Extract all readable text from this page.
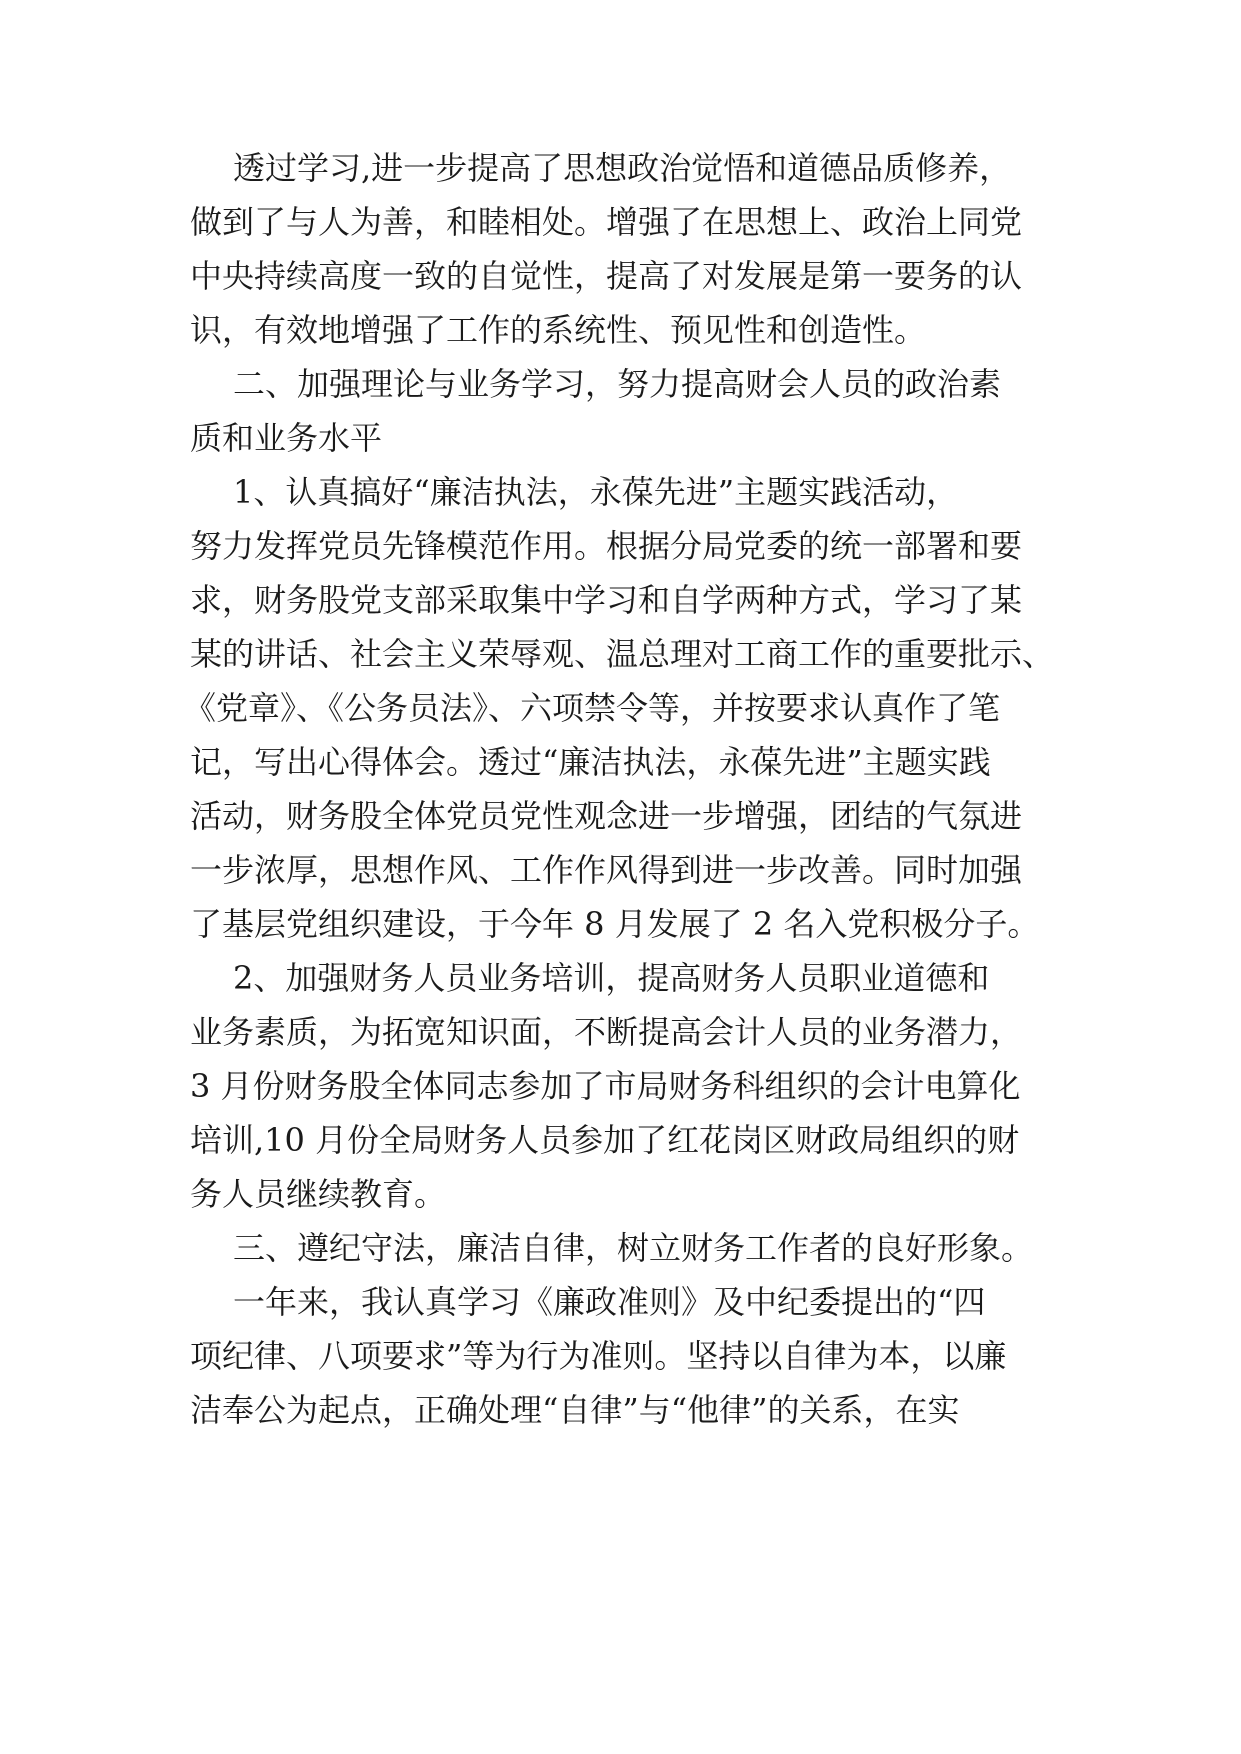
透过学习,进一步提高了思想政治觉悟和道德品质修养，
做到了与人为善，和睦相处。增强了在思想上、政治上同党
中央持续高度一致的自觉性，提高了对发展是第一要务的认
识，有效地增强了工作的系统性、预见性和创造性。
二、加强理论与业务学习，努力提高财会人员的政治素
质和业务水平
1、认真搞好“廉洁执法，永葆先进”主题实践活动，
努力发挥党员先锋模范作用。根据分局党委的统一部署和要
求，财务股党支部采取集中学习和自学两种方式，学习了某
某的讲话、社会主义荣辱观、温总理对工商工作的重要批示、
《党章》、《公务员法》、六项禁令等，并按要求认真作了笔
记，写出心得体会。透过“廉洁执法，永葆先进”主题实践
活动，财务股全体党员党性观念进一步增强，团结的气氛进
一步浓厚，思想作风、工作作风得到进一步改善。同时加强
了基层党组织建设，于今年 8 月发展了 2 名入党积极分子。
2、加强财务人员业务培训，提高财务人员职业道德和
业务素质，为拓宽知识面，不断提高会计人员的业务潜力，
3 月份财务股全体同志参加了市局财务科组织的会计电算化
培训,10 月份全局财务人员参加了红花岗区财政局组织的财
务人员继续教育。
三、遵纪守法，廉洁自律，树立财务工作者的良好形象。
一年来，我认真学习《廉政准则》及中纪委提出的“四
项纪律、八项要求”等为行为准则。坚持以自律为本，以廉
洁奉公为起点，正确处理“自律”与“他律”的关系，在实
